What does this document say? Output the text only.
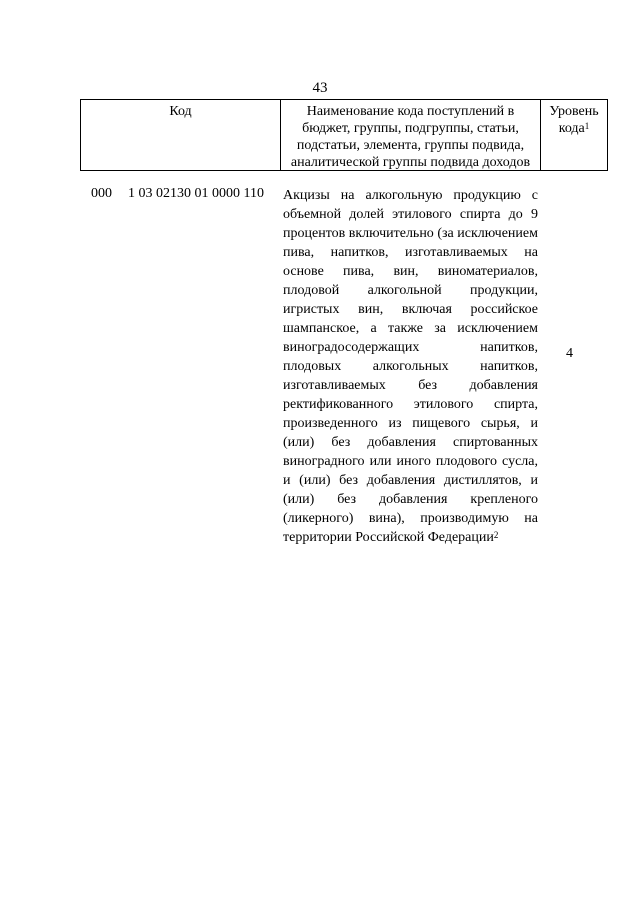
43
Код	Наименование кода поступлений в бюджет, группы, подгруппы, статьи, подстатьи, элемента, группы подвида, аналитической группы подвида доходов
Уровень кода$^1$
000 1 03 02130 01 0000 110 Акцизы на алкогольную продукцию с объемной долей этилового спирта до 9 процентов включительно (за исключением пива, напитков, изготавливаемых на основе пива, вин, виноматериалов, плодовой алкогольной продукции, игристых вин, включая российское шампанское, а также за исключением виноградосодержащих напитков, плодовых алкогольных напитков, изготавливаемых без добавления ректификованного этилового спирта, произведенного из пищевого сырья, и (или) без добавления спиртованных виноградного или иного плодового сусла, и (или) без добавления дистиллятов, и (или) без добавления крепленого (ликерного) вина), производимую на территории Российской Федерации$^2$
4
